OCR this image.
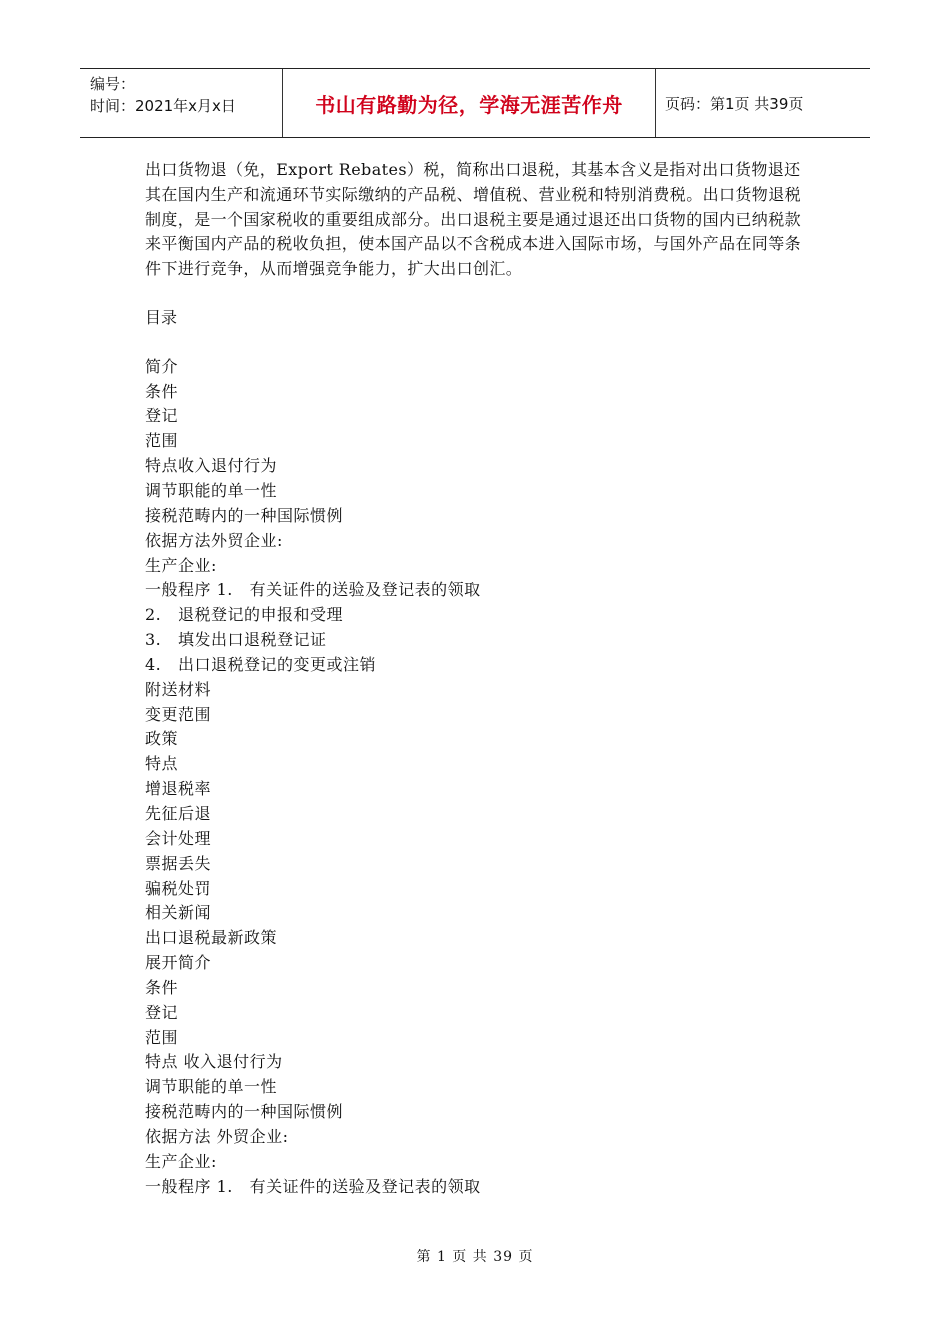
编号：
时间：2021年x月x日	书山有路勤为径，学海无涯苦作舟	页码：第1页 共39页

出口货物退（免，Export Rebates）税，简称出口退税，其基本含义是指对出口货物退还其在国内生产和流通环节实际缴纳的产品税、增值税、营业税和特别消费税。出口货物退税制度，是一个国家税收的重要组成部分。出口退税主要是通过退还出口货物的国内已纳税款来平衡国内产品的税收负担，使本国产品以不含税成本进入国际市场，与国外产品在同等条件下进行竞争，从而增强竞争能力，扩大出口创汇。

目录

简介
条件
登记
范围
特点收入退付行为
调节职能的单一性
接税范畴内的一种国际惯例
依据方法外贸企业:
生产企业:
一般程序 1.   有关证件的送验及登记表的领取
2.   退税登记的申报和受理
3.   填发出口退税登记证
4.   出口退税登记的变更或注销
附送材料
变更范围
政策
特点
增退税率
先征后退
会计处理
票据丢失
骗税处罚
相关新闻
出口退税最新政策
展开简介
条件
登记
范围
特点 收入退付行为
调节职能的单一性
接税范畴内的一种国际惯例
依据方法 外贸企业:
生产企业:
一般程序 1.   有关证件的送验及登记表的领取
第 1 页 共 39 页
